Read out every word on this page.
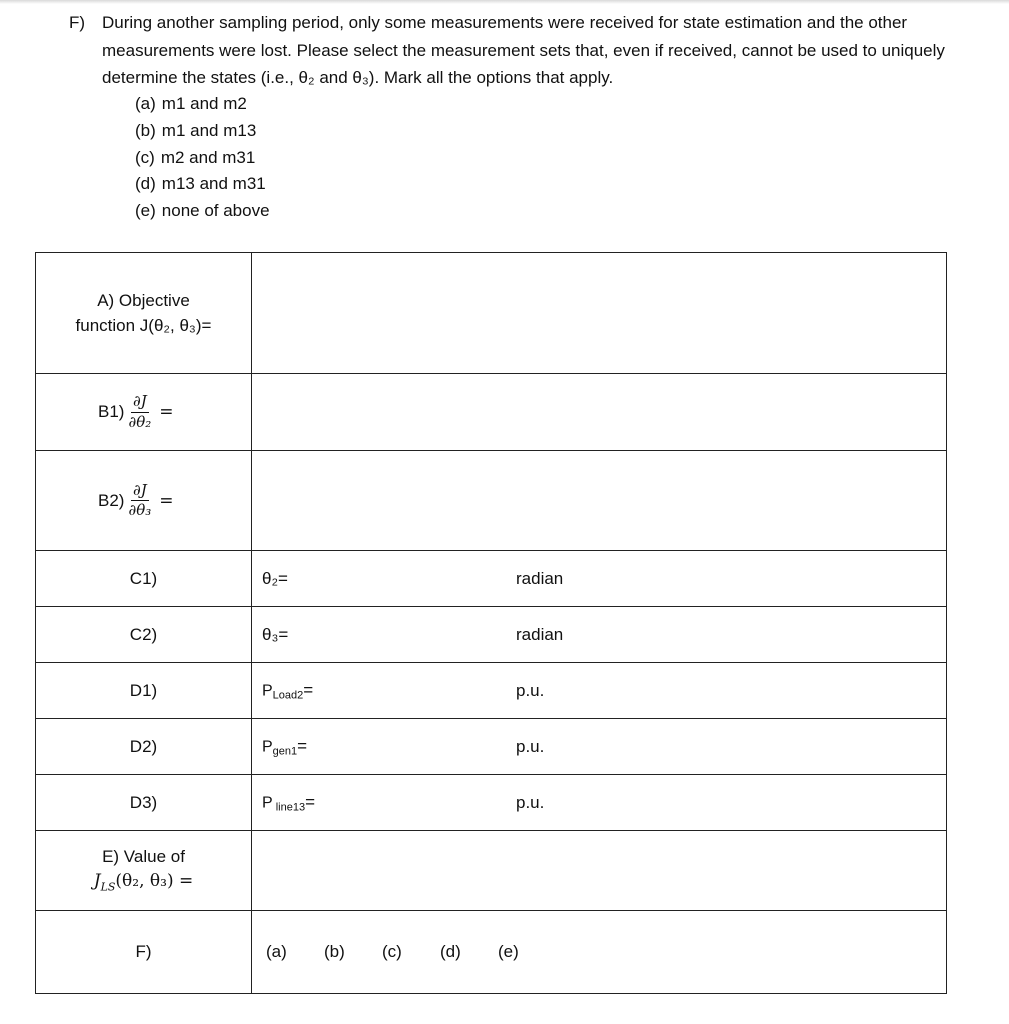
F) During another sampling period, only some measurements were received for state estimation and the other measurements were lost. Please select the measurement sets that, even if received, cannot be used to uniquely determine the states (i.e., θ₂ and θ₃). Mark all the options that apply.
(a) m1 and m2
(b) m1 and m13
(c) m2 and m31
(d) m13 and m31
(e) none of above
A) Objective
function J(θ₂, θ₃)=	

$B1) \frac{\partial J}{\text{∂θ₂}}$ =	

$B2) \frac{\partial J}{\text{∂θ₃}}$ =	

C1)	θ₂= radian

C2)	θ₃= radian

D1)	$P_{Load2}= p.u$.

D2)	$P_{gen1}= p.u$.

D3)	P $_{line13}$= p.u.

E) Value of
$J_{LS}(\theta_2$, θ₃) =	

F)	(a) (b) (c) (d) (e)
